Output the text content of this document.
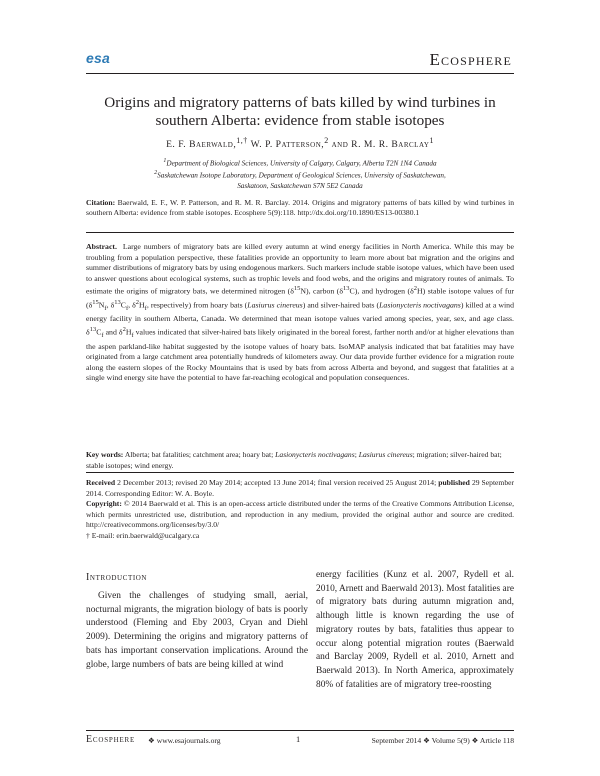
esa	Ecosphere
Origins and migratory patterns of bats killed by wind turbines in southern Alberta: evidence from stable isotopes
E. F. Baerwald,$^{1,\dagger}$ W. P. Patterson,$^2$ and R. M. R. Barclay$^1$
$^1$Department of Biological Sciences, University of Calgary, Calgary, Alberta T2N 1N4 Canada
$^2$Saskatchewan Isotope Laboratory, Department of Geological Sciences, University of Saskatchewan,
Saskatoon, Saskatchewan S7N 5E2 Canada
Citation: Baerwald, E. F., W. P. Patterson, and R. M. R. Barclay. 2014. Origins and migratory patterns of bats killed by wind turbines in southern Alberta: evidence from stable isotopes. Ecosphere 5(9):118. http://dx.doi.org/10.1890/ES13-00380.1
Abstract. Large numbers of migratory bats are killed every autumn at wind energy facilities in North America. While this may be troubling from a population perspective, these fatalities provide an opportunity to learn more about bat migration and the origins and summer distributions of migratory bats by using endogenous markers. Such markers include stable isotope values, which have been used to answer questions about ecological systems, such as trophic levels and food webs, and the origins and migratory routes of animals. To estimate the origins of migratory bats, we determined nitrogen $(\delta^{15}N)$, carbon $(\delta^{13}C)$, and hydrogen $(\delta^2H)$ stable isotope values of fur ($\delta^{15}N_f$, $\delta^{13}C_f$, $\delta^2H_f$, respectively) from hoary bats (Lasiurus cinereus) and silver-haired bats (Lasionycteris noctivagans) killed at a wind energy facility in southern Alberta, Canada. We determined that mean isotope values varied among species, year, sex, and age class. $\delta^{13}C_f$ and $\delta^2H_f$ values indicated that silver-haired bats likely originated in the boreal forest, farther north and/or at higher elevations than the aspen parkland-like habitat suggested by the isotope values of hoary bats. IsoMAP analysis indicated that bat fatalities may have originated from a large catchment area potentially hundreds of kilometers away. Our data provide further evidence for a migration route along the eastern slopes of the Rocky Mountains that is used by bats from across Alberta and beyond, and suggest that fatalities at a single wind energy site have the potential to have far-reaching ecological and population consequences.
Key words: Alberta; bat fatalities; catchment area; hoary bat; Lasionycteris noctivagans; Lasiurus cinereus; migration; silver-haired bat; stable isotopes; wind energy.
Received 2 December 2013; revised 20 May 2014; accepted 13 June 2014; final version received 25 August 2014; published 29 September 2014. Corresponding Editor: W. A. Boyle.
Copyright: © 2014 Baerwald et al. This is an open-access article distributed under the terms of the Creative Commons Attribution License, which permits unrestricted use, distribution, and reproduction in any medium, provided the original author and source are credited. http://creativecommons.org/licenses/by/3.0/
† E-mail: erin.baerwald@ucalgary.ca
Introduction

Given the challenges of studying small, aerial, nocturnal migrants, the migration biology of bats is poorly understood (Fleming and Eby 2003, Cryan and Diehl 2009). Determining the origins and migratory patterns of bats has important conservation implications. Around the globe, large numbers of bats are being killed at wind

energy facilities (Kunz et al. 2007, Rydell et al. 2010, Arnett and Baerwald 2013). Most fatalities are of migratory bats during autumn migration and, although little is known regarding the use of migratory routes by bats, fatalities thus appear to occur along potential migration routes (Baerwald and Barclay 2009, Rydell et al. 2010, Arnett and Baerwald 2013). In North America, approximately 80% of fatalities are of migratory tree-roosting

Ecosphere ❖ www.esajournals.org	1	September 2014 ❖ Volume 5(9) ❖ Article 118
